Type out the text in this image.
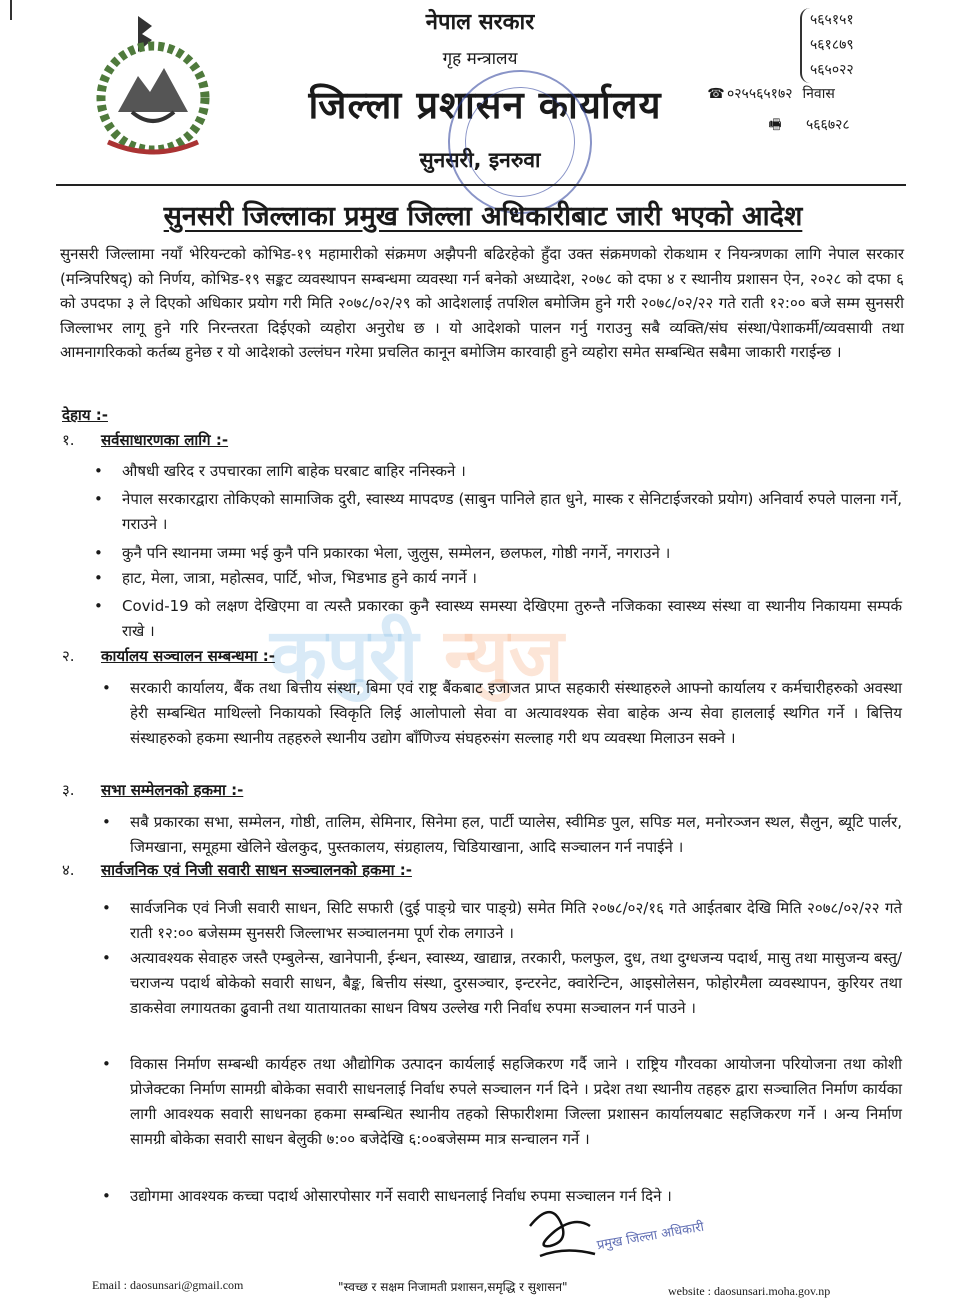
नेपाल सरकार
गृह मन्त्रालय
जिल्ला प्रशासन कार्यालय
सुनसरी, इनरुवा
५६५१५१
५६१८७९
५६५०२२
☎ ०२५५६५१७२ निवास
🖷 ५६६७२८
सुनसरी जिल्लाका प्रमुख जिल्ला अधिकारीबाट जारी भएको आदेश
सुनसरी जिल्लामा नयाँ भेरियन्टको कोभिड-१९ महामारीको संक्रमण अझैपनी बढिरहेको हुँदा उक्त संक्रमणको रोकथाम र नियन्त्रणका लागि नेपाल सरकार (मन्त्रिपरिषद्) को निर्णय, कोभिड-१९ सङ्कट व्यवस्थापन सम्बन्धमा व्यवस्था गर्न बनेको अध्यादेश, २०७८ को दफा ४ र स्थानीय प्रशासन ऐन, २०२८ को दफा ६ को उपदफा ३ ले दिएको अधिकार प्रयोग गरी मिति २०७८/०२/२९ को आदेशलाई तपशिल बमोजिम हुने गरी २०७८/०२/२२ गते राती १२:०० बजे सम्म सुनसरी जिल्लाभर लागू हुने गरि निरन्तरता दिईएको व्यहोरा अनुरोध छ । यो आदेशको पालन गर्नु गराउनु सबै व्यक्ति/संघ संस्था/पेशाकर्मी/व्यवसायी तथा आमनागरिकको कर्तब्य हुनेछ र यो आदेशको उल्लंघन गरेमा प्रचलित कानून बमोजिम कारवाही हुने व्यहोरा समेत सम्बन्धित सबैमा जाकारी गराईन्छ ।
देहाय :-
१. सर्वसाधारणका लागि :-
• औषधी खरिद र उपचारका लागि बाहेक घरबाट बाहिर ननिस्कने ।
• नेपाल सरकारद्वारा तोकिएको सामाजिक दुरी, स्वास्थ्य मापदण्ड (साबुन पानिले हात धुने, मास्क र सेनिटाईजरको प्रयोग) अनिवार्य रुपले पालना गर्ने, गराउने ।
• कुनै पनि स्थानमा जम्मा भई कुनै पनि प्रकारका भेला, जुलुस, सम्मेलन, छलफल, गोष्ठी नगर्ने, नगराउने ।
• हाट, मेला, जात्रा, महोत्सव, पार्टि, भोज, भिडभाड हुने कार्य नगर्ने ।
• Covid-19 को लक्षण देखिएमा वा त्यस्तै प्रकारका कुनै स्वास्थ्य समस्या देखिएमा तुरुन्तै नजिकका स्वास्थ्य संस्था वा स्थानीय निकायमा सम्पर्क राखे ।	कपुरी न्युज
२. कार्यालय सञ्चालन सम्बन्धमा :-
• सरकारी कार्यालय, बैंक तथा बित्तीय संस्था, बिमा एवं राष्ट्र बैंकबाट इजाजत प्राप्त सहकारी संस्थाहरुले आफ्नो कार्यालय र कर्मचारीहरुको अवस्था हेरी सम्बन्धित माथिल्लो निकायको स्विकृति लिई आलोपालो सेवा वा अत्यावश्यक सेवा बाहेक अन्य सेवा हाललाई स्थगित गर्ने । बित्तिय संस्थाहरुको हकमा स्थानीय तहहरुले स्थानीय उद्योग बाँणिज्य संघहरुसंग सल्लाह गरी थप व्यवस्था मिलाउन सक्ने ।
३. सभा सम्मेलनको हकमा :-
• सबै प्रकारका सभा, सम्मेलन, गोष्ठी, तालिम, सेमिनार, सिनेमा हल, पार्टी प्यालेस, स्वीमिङ पुल, सपिङ मल, मनोरञ्जन स्थल, सैलुन, ब्यूटि पार्लर, जिमखाना, समूहमा खेलिने खेलकुद, पुस्तकालय, संग्रहालय, चिडियाखाना, आदि सञ्चालन गर्न नपाईने ।
४. सार्वजनिक एवं निजी सवारी साधन सञ्चालनको हकमा :-
• सार्वजनिक एवं निजी सवारी साधन, सिटि सफारी (दुई पाङ्ग्रे चार पाङ्ग्रे) समेत मिति २०७८/०२/१६ गते आईतबार देखि मिति २०७८/०२/२२ गते राती १२:०० बजेसम्म सुनसरी जिल्लाभर सञ्चालनमा पूर्ण रोक लगाउने ।
• अत्यावश्यक सेवाहरु जस्तै एम्बुलेन्स, खानेपानी, ईन्धन, स्वास्थ्य, खाद्यान्न, तरकारी, फलफुल, दुध, तथा दुग्धजन्य पदार्थ, मासु तथा मासुजन्य बस्तु/चराजन्य पदार्थ बोकेको सवारी साधन, बैङ्क, बित्तीय संस्था, दुरसञ्चार, इन्टरनेट, क्वारेन्टिन, आइसोलेसन, फोहोरमैला व्यवस्थापन, कुरियर तथा डाकसेवा लगायतका ढुवानी तथा यातायातका साधन विषय उल्लेख गरी निर्वाध रुपमा सञ्चालन गर्न पाउने ।
• विकास निर्माण सम्बन्धी कार्यहरु तथा औद्योगिक उत्पादन कार्यलाई सहजिकरण गर्दै जाने । राष्ट्रिय गौरवका आयोजना परियोजना तथा कोशी प्रोजेक्टका निर्माण सामग्री बोकेका सवारी साधनलाई निर्वाध रुपले सञ्चालन गर्न दिने । प्रदेश तथा स्थानीय तहहरु द्वारा सञ्चालित निर्माण कार्यका लागी आवश्यक सवारी साधनका हकमा सम्बन्धित स्थानीय तहको सिफारीशमा जिल्ला प्रशासन कार्यालयबाट सहजिकरण गर्ने । अन्य निर्माण सामग्री बोकेका सवारी साधन बेलुकी ७:०० बजेदेखि ६:००बजेसम्म मात्र सन्चालन गर्ने ।
• उद्योगमा आवश्यक कच्चा पदार्थ ओसारपोसार गर्ने सवारी साधनलाई निर्वाध रुपमा सञ्चालन गर्न दिने ।
प्रमुख जिल्ला अधिकारी
Email : daosunsari@gmail.com	"स्वच्छ र सक्षम निजामती प्रशासन,समृद्धि र सुशासन"	website : daosunsari.moha.gov.np
